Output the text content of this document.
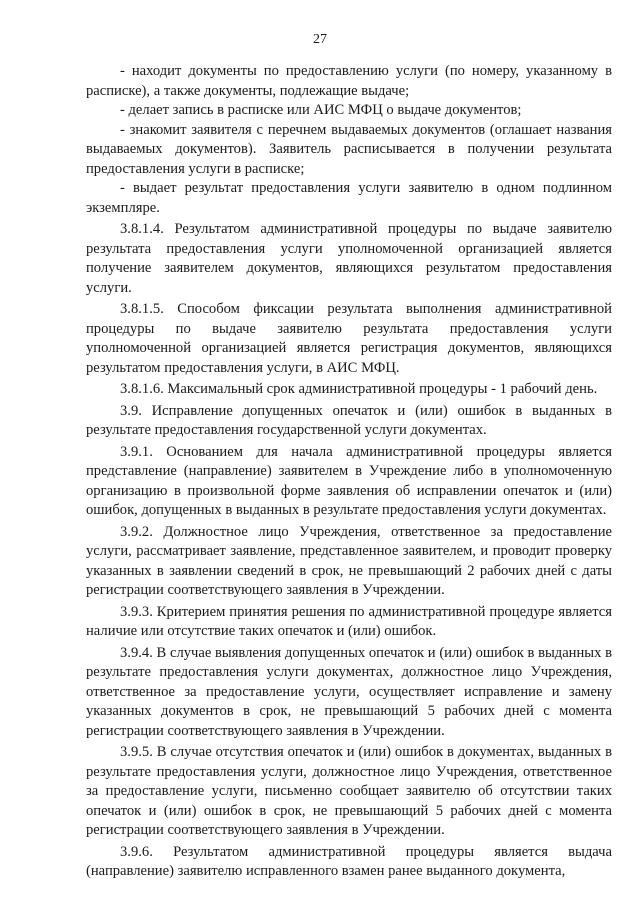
27

- находит документы по предоставлению услуги (по номеру, указанному в расписке), а также документы, подлежащие выдаче;

- делает запись в расписке или АИС МФЦ о выдаче документов;

- знакомит заявителя с перечнем выдаваемых документов (оглашает названия выдаваемых документов). Заявитель расписывается в получении результата предоставления услуги в расписке;

- выдает результат предоставления услуги заявителю в одном подлинном экземпляре.

3.8.1.4. Результатом административной процедуры по выдаче заявителю результата предоставления услуги уполномоченной организацией является получение заявителем документов, являющихся результатом предоставления услуги.

3.8.1.5. Способом фиксации результата выполнения административной процедуры по выдаче заявителю результата предоставления услуги уполномоченной организацией является регистрация документов, являющихся результатом предоставления услуги, в АИС МФЦ.

3.8.1.6. Максимальный срок административной процедуры - 1 рабочий день.

3.9. Исправление допущенных опечаток и (или) ошибок в выданных в результате предоставления государственной услуги документах.

3.9.1. Основанием для начала административной процедуры является представление (направление) заявителем в Учреждение либо в уполномоченную организацию в произвольной форме заявления об исправлении опечаток и (или) ошибок, допущенных в выданных в результате предоставления услуги документах.

3.9.2. Должностное лицо Учреждения, ответственное за предоставление услуги, рассматривает заявление, представленное заявителем, и проводит проверку указанных в заявлении сведений в срок, не превышающий 2 рабочих дней с даты регистрации соответствующего заявления в Учреждении.

3.9.3. Критерием принятия решения по административной процедуре является наличие или отсутствие таких опечаток и (или) ошибок.

3.9.4. В случае выявления допущенных опечаток и (или) ошибок в выданных в результате предоставления услуги документах, должностное лицо Учреждения, ответственное за предоставление услуги, осуществляет исправление и замену указанных документов в срок, не превышающий 5 рабочих дней с момента регистрации соответствующего заявления в Учреждении.

3.9.5. В случае отсутствия опечаток и (или) ошибок в документах, выданных в результате предоставления услуги, должностное лицо Учреждения, ответственное за предоставление услуги, письменно сообщает заявителю об отсутствии таких опечаток и (или) ошибок в срок, не превышающий 5 рабочих дней с момента регистрации соответствующего заявления в Учреждении.

3.9.6. Результатом административной процедуры является выдача (направление) заявителю исправленного взамен ранее выданного документа,
